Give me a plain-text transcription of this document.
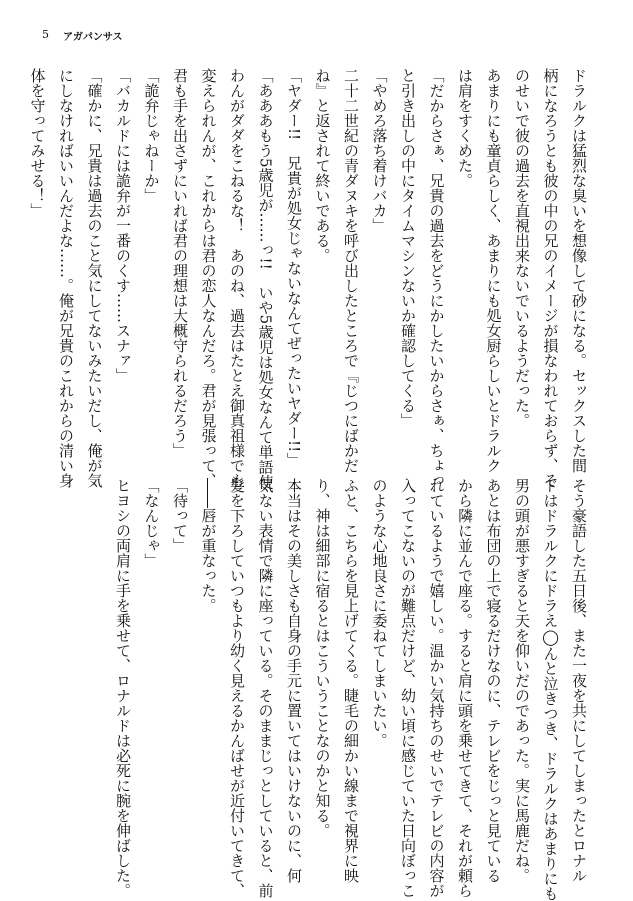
5 アガパンサス
ドラルクは猛烈な臭いを想像して砂になる。セックスした間
柄になろうとも彼の中の兄のイメージが損なわれておらず、そ
のせいで彼の過去を直視出来ないでいるようだった。
あまりにも童貞らしく、あまりにも処女厨らしいとドラルク
は肩をすくめた。
「だからさぁ、兄貴の過去をどうにかしたいからさぁ、ちょっ
と引き出しの中にタイムマシンないか確認してくる」
「やめろ落ち着けバカ」
二十二世紀の青ダヌキを呼び出したところで『じつにばかだ
ね』と返されて終いである。
「ヤダー!!　兄貴が処女じゃないなんてぜったいヤダー!!」
「あああもう5歳児が……っ!!　いや5歳児は処女なんて単語使
わんがダダをこねるな！　あのね、過去はたとえ御真祖様でも
変えられんが、これからは君の恋人なんだろ。君が見張って、
君も手を出さずにいれば君の理想は大概守られるだろう」
「詭弁じゃねーか」
「バカルドには詭弁が一番のくす……スナァ」
「確かに、兄貴は過去のこと気にしてないみたいだし、俺が気
にしなければいいんだよな……。俺が兄貴のこれからの清い身
体を守ってみせる！」
そう豪語した五日後、また一夜を共にしてしまったとロナル
ドはドラルクにドラえ◯んと泣きつき、ドラルクはあまりにも
男の頭が悪すぎると天を仰いだのであった。実に馬鹿だね。
あとは布団の上で寝るだけなのに、テレビをじっと見ている
から隣に並んで座る。すると肩に頭を乗せてきて、それが頼ら
れているようで嬉しい。温かい気持ちのせいでテレビの内容が
入ってこないのが難点だけど、幼い頃に感じていた日向ぼっこ
のような心地良さに委ねてしまいたい。
ふと、こちらを見上げてくる。睫毛の細かい線まで視界に映
り、神は細部に宿るとはこういうことなのかと知る。
本当はその美しさも自身の手元に置いてはいけないのに、何
気ない表情で隣に座っている。そのままじっとしていると、前
髪を下ろしていつもより幼く見えるかんばせが近付いてきて、
――唇が重なった。
「待って」
「なんじゃ」
ヒヨシの両肩に手を乗せて、ロナルドは必死に腕を伸ばした。
